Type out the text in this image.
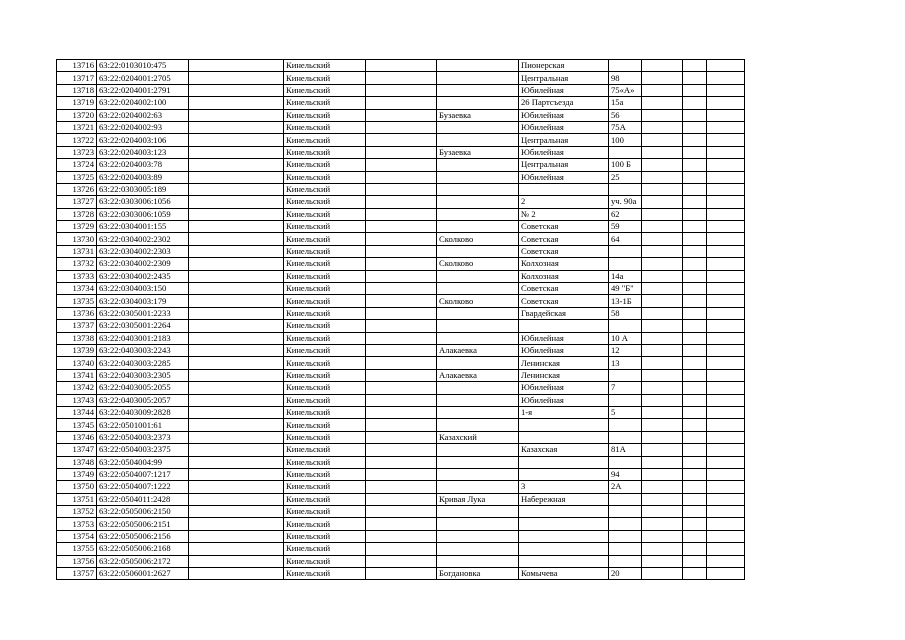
13716	63:22:0103010:475		Кинельский			Пионерская				
13717	63:22:0204001:2705		Кинельский			Центральная	98			
13718	63:22:0204001:2791		Кинельский			Юбилейная	75«А»			
13719	63:22:0204002:100		Кинельский			26 Партсъезда	15а			
13720	63:22:0204002:63		Кинельский		Бузаевка	Юбилейная	56			
13721	63:22:0204002:93		Кинельский			Юбилейная	75А			
13722	63:22:0204003:106		Кинельский			Центральная	100			
13723	63:22:0204003:123		Кинельский		Бузаевка	Юбилейная				
13724	63:22:0204003:78		Кинельский			Центральная	100 Б			
13725	63:22:0204003:89		Кинельский			Юбилейная	25			
13726	63:22:0303005:189		Кинельский							
13727	63:22:0303006:1056		Кинельский			2	уч. 90а			
13728	63:22:0303006:1059		Кинельский			№ 2	62			
13729	63:22:0304001:155		Кинельский			Советская	59			
13730	63:22:0304002:2302		Кинельский		Сколково	Советская	64			
13731	63:22:0304002:2303		Кинельский			Советская				
13732	63:22:0304002:2309		Кинельский		Сколково	Колхозная				
13733	63:22:0304002:2435		Кинельский			Колхозная	14а			
13734	63:22:0304003:150		Кинельский			Советская	49 "Б"			
13735	63:22:0304003:179		Кинельский		Сколково	Советская	13-1Б			
13736	63:22:0305001:2233		Кинельский			Гвардейская	58			
13737	63:22:0305001:2264		Кинельский							
13738	63:22:0403001:2183		Кинельский			Юбилейная	10 А			
13739	63:22:0403003:2243		Кинельский		Алакаевка	Юбилейная	12			
13740	63:22:0403003:2285		Кинельский			Ленинская	13			
13741	63:22:0403003:2305		Кинельский		Алакаевка	Ленинская				
13742	63:22:0403005:2055		Кинельский			Юбилейная	7			
13743	63:22:0403005:2057		Кинельский			Юбилейная				
13744	63:22:0403009:2828		Кинельский			1-я	5			
13745	63:22:0501001:61		Кинельский							
13746	63:22:0504003:2373		Кинельский		Казахский					
13747	63:22:0504003:2375		Кинельский			Казахская	81А			
13748	63:22:0504004:99		Кинельский							
13749	63:22:0504007:1217		Кинельский				94			
13750	63:22:0504007:1222		Кинельский			3	2А			
13751	63:22:0504011:2428		Кинельский		Кривая Лука	Набережная				
13752	63:22:0505006:2150		Кинельский							
13753	63:22:0505006:2151		Кинельский							
13754	63:22:0505006:2156		Кинельский							
13755	63:22:0505006:2168		Кинельский							
13756	63:22:0505006:2172		Кинельский							
13757	63:22:0506001:2627		Кинельский		Богдановка	Комычева	20			
